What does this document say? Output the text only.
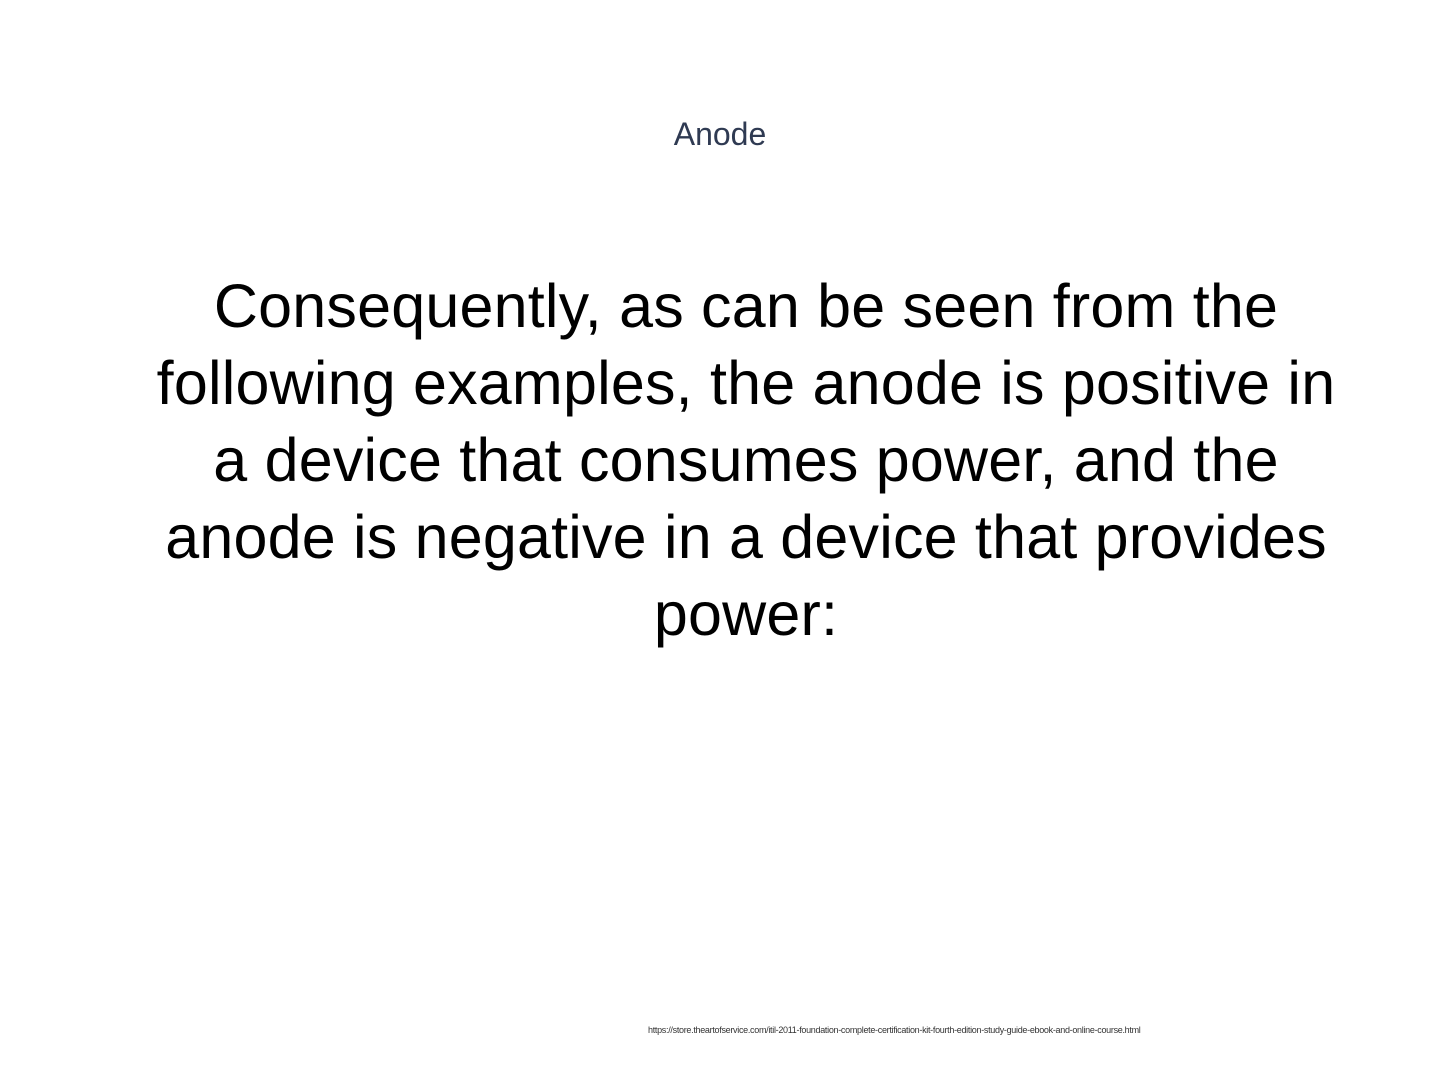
Anode
Consequently, as can be seen from the following examples, the anode is positive in a device that consumes power, and the anode is negative in a device that provides power:
https://store.theartofservice.com/itil-2011-foundation-complete-certification-kit-fourth-edition-study-guide-ebook-and-online-course.html
